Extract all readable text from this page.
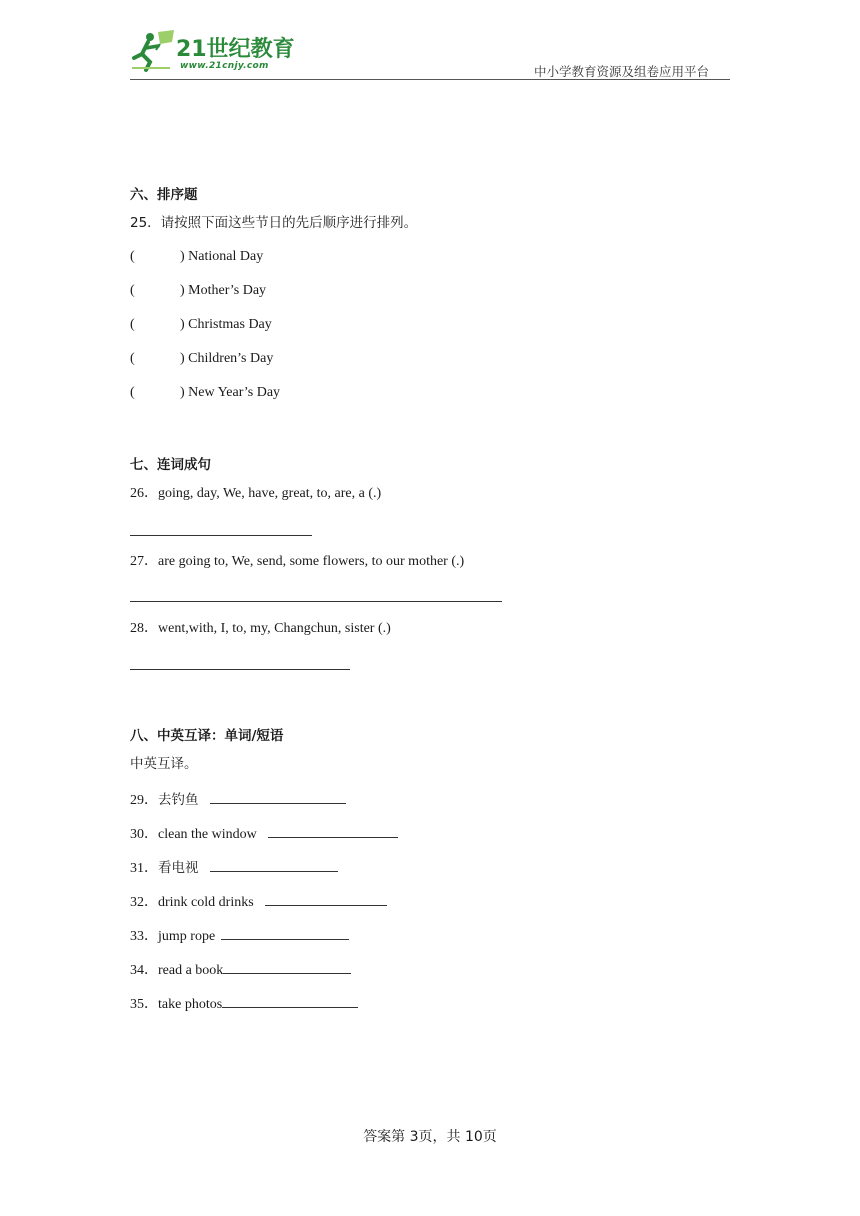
21世纪教育
www.21cnjy.com	中小学教育资源及组卷应用平台
六、排序题
25．请按照下面这些节日的先后顺序进行排列。
(	) National Day
(	) Mother’s Day
(	) Christmas Day
(	) Children’s Day
(	) New Year’s Day
七、连词成句
26．going, day, We, have, great, to, are, a (.)
27．are going to, We, send, some flowers, to our mother (.)
28．went,with, I, to, my, Changchun, sister (.)
八、中英互译：单词/短语
中英互译。
29．去钓鱼
30．clean the window
31．看电视
32．drink cold drinks
33．jump rope
34．read a book
35．take photos
答案第 3页，共 10页
